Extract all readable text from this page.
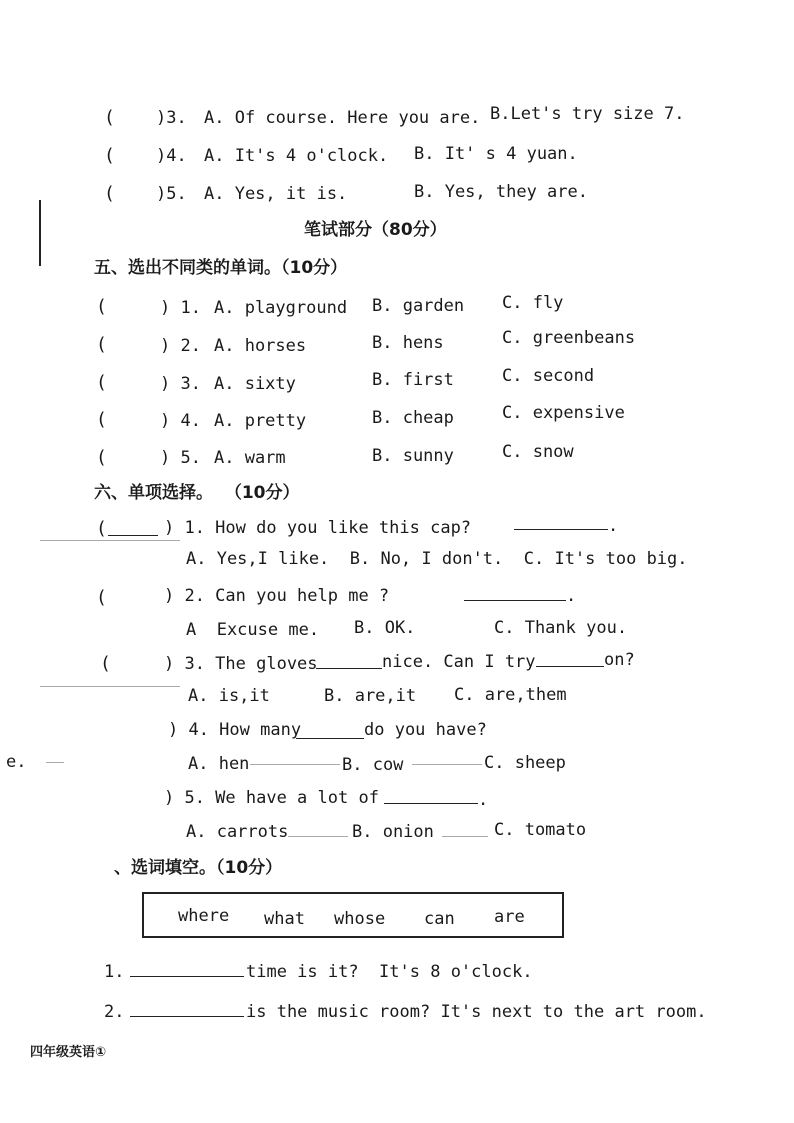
e.
( )3. A. Of course. Here you are. B.Let's try size 7.
( )4. A. It's 4 o'clock. B. It' s 4 yuan.
( )5. A. Yes, it is.	B. Yes, they are.
笔试部分（80分）
五、选出不同类的单词。（10分）
(	) 1. A. playground B. garden C. fly
(	) 2. A. horses	B. hens	C. greenbeans
(	) 3. A. sixty	B. first	C. second
(	) 4. A. pretty	B. cheap	C. expensive
(	) 5. A. warm	B. sunny	C. snow
六、单项选择。  （10分）
(	) 1. How do you like this cap?	.
A. Yes,I like.  B. No, I don't.  C. It's too big.
(	) 2. Can you help me ?	.
A  Excuse me. B. OK.	C. Thank you.
(	) 3. The gloves	nice. Can I try	on?
A. is,it	B. are,it C. are,them
) 4. How many	do you have?
A. hen	B. cow	C. sheep
) 5. We have a lot of	.
A. carrots	B. onion	C. tomato
、选词填空。（10分）
where what whose can are
1.	time is it?  It's 8 o'clock.
2.	is the music room? It's next to the art room.
四年级英语①
